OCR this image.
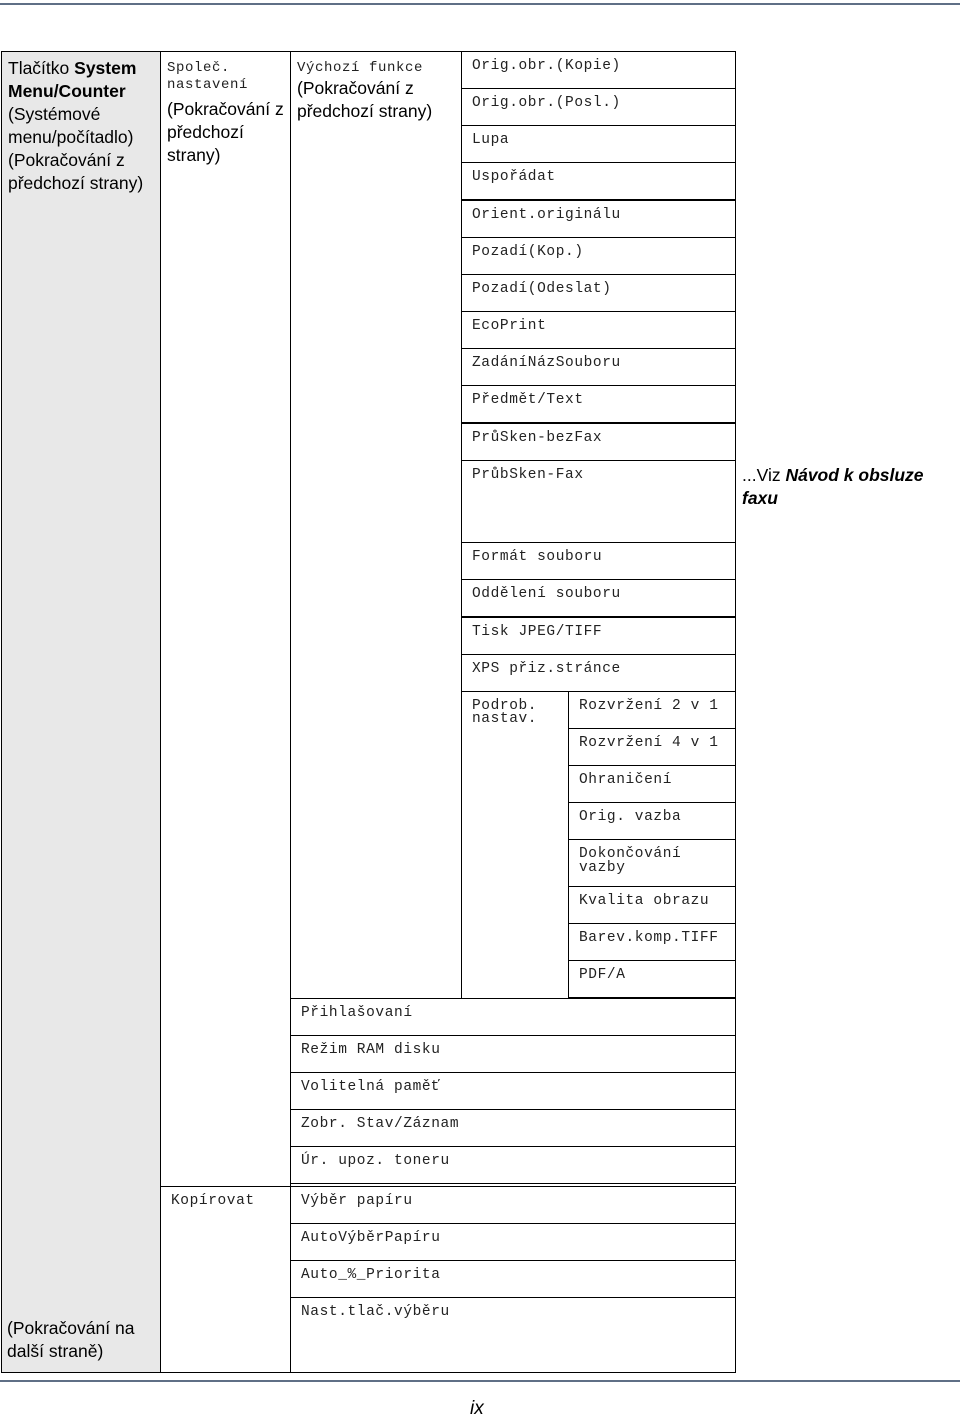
Tlačítko System
Menu/Counter
(Systémové menu/počítadlo) (Pokračování z předchozí strany)
(Pokračování na další straně)
Společ. nastavení
(Pokračování z předchozí strany)
Kopírovat
Výchozí funkce
(Pokračování z předchozí strany)
Orig.obr.(Kopie)
Orig.obr.(Posl.)
Lupa
Uspořádat
Orient.originálu
Pozadí(Kop.)
Pozadí(Odeslat)
EcoPrint
ZadáníNázSouboru
Předmět/Text
PrůSken-bezFax
PrůbSken-Fax
Formát souboru
Oddělení souboru
Tisk JPEG/TIFF
XPS přiz.stránce
...Viz Návod k obsluze faxu
Podrob. nastav.
Rozvržení 2 v 1
Rozvržení 4 v 1
Ohraničení
Orig. vazba
Dokončování vazby
Kvalita obrazu
Barev.komp.TIFF
PDF/A
Přihlašovaní
Režim RAM disku
Volitelná paměť
Zobr. Stav/Záznam
Úr. upoz. toneru
ix
Výběr papíru
AutoVýběrPapíru
Auto_%_Priorita
Nast.tlač.výběru
